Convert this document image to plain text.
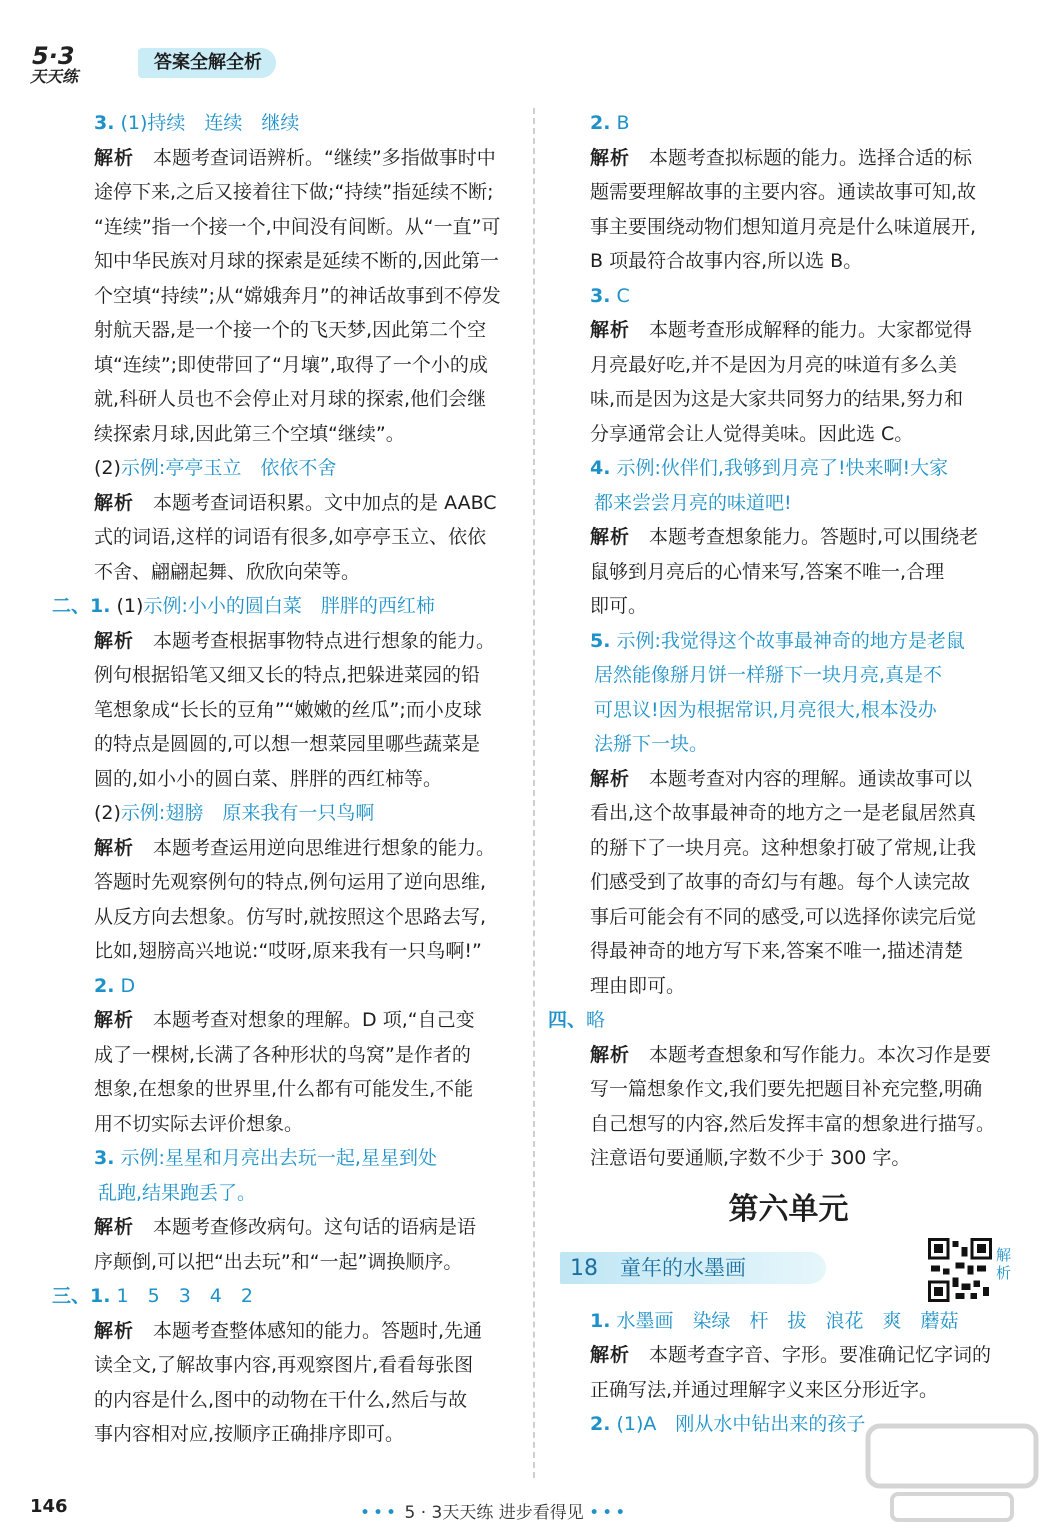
5·3
天天练
答案全解全析
3. (1)持续　连续　继续
解析　 本题考查词语辨析。“继续”多指做事时中
途停下来,之后又接着往下做;“持续”指延续不断;
“连续”指一个接一个,中间没有间断。从“一直”可
知中华民族对月球的探索是延续不断的,因此第一
个空填“持续”;从“嫦娥奔月”的神话故事到不停发
射航天器,是一个接一个的飞天梦,因此第二个空
填“连续”;即使带回了“月壤”,取得了一个小的成
就,科研人员也不会停止对月球的探索,他们会继
续探索月球,因此第三个空填“继续”。
(2)示例:亭亭玉立　依依不舍
解析　 本题考查词语积累。文中加点的是 AABC
式的词语,这样的词语有很多,如亭亭玉立、依依
不舍、翩翩起舞、欣欣向荣等。
二、1. (1)示例:小小的圆白菜　胖胖的西红柿
解析　 本题考查根据事物特点进行想象的能力。
例句根据铅笔又细又长的特点,把躲进菜园的铅
笔想象成“长长的豆角”“嫩嫩的丝瓜”;而小皮球
的特点是圆圆的,可以想一想菜园里哪些蔬菜是
圆的,如小小的圆白菜、胖胖的西红柿等。
(2)示例:翅膀　原来我有一只鸟啊
解析　 本题考查运用逆向思维进行想象的能力。
答题时先观察例句的特点,例句运用了逆向思维,
从反方向去想象。仿写时,就按照这个思路去写,
比如,翅膀高兴地说:“哎呀,原来我有一只鸟啊!”
2. D
解析　 本题考查对想象的理解。D 项,“自己变
成了一棵树,长满了各种形状的鸟窝”是作者的
想象,在想象的世界里,什么都有可能发生,不能
用不切实际去评价想象。
3. 示例:星星和月亮出去玩一起,星星到处
乱跑,结果跑丢了。
解析　 本题考查修改病句。这句话的语病是语
序颠倒,可以把“出去玩”和“一起”调换顺序。
三、1. 1　5　3　4　2
解析　 本题考查整体感知的能力。答题时,先通
读全文,了解故事内容,再观察图片,看看每张图
的内容是什么,图中的动物在干什么,然后与故
事内容相对应,按顺序正确排序即可。
2. B
解析　 本题考查拟标题的能力。选择合适的标
题需要理解故事的主要内容。通读故事可知,故
事主要围绕动物们想知道月亮是什么味道展开,
B 项最符合故事内容,所以选 B。
3. C
解析　 本题考查形成解释的能力。大家都觉得
月亮最好吃,并不是因为月亮的味道有多么美
味,而是因为这是大家共同努力的结果,努力和
分享通常会让人觉得美味。因此选 C。
4. 示例:伙伴们,我够到月亮了!快来啊!大家
都来尝尝月亮的味道吧!
解析　 本题考查想象能力。答题时,可以围绕老
鼠够到月亮后的心情来写,答案不唯一,合理
即可。
5. 示例:我觉得这个故事最神奇的地方是老鼠
居然能像掰月饼一样掰下一块月亮,真是不
可思议!因为根据常识,月亮很大,根本没办
法掰下一块。
解析　 本题考查对内容的理解。通读故事可以
看出,这个故事最神奇的地方之一是老鼠居然真
的掰下了一块月亮。这种想象打破了常规,让我
们感受到了故事的奇幻与有趣。每个人读完故
事后可能会有不同的感受,可以选择你读完后觉
得最神奇的地方写下来,答案不唯一,描述清楚
理由即可。
四、略
解析　 本题考查想象和写作能力。本次习作是要
写一篇想象作文,我们要先把题目补充完整,明确
自己想写的内容,然后发挥丰富的想象进行描写。
注意语句要通顺,字数不少于 300 字。
第六单元
18 童年的水墨画
解析
1. 水墨画　染绿　杆　拔　浪花　爽　蘑菇
解析　 本题考查字音、字形。要准确记忆字词的
正确写法,并通过理解字义来区分形近字。
2. (1)A　刚从水中钻出来的孩子
146	••• 5 · 3天天练 进步看得见 •••
